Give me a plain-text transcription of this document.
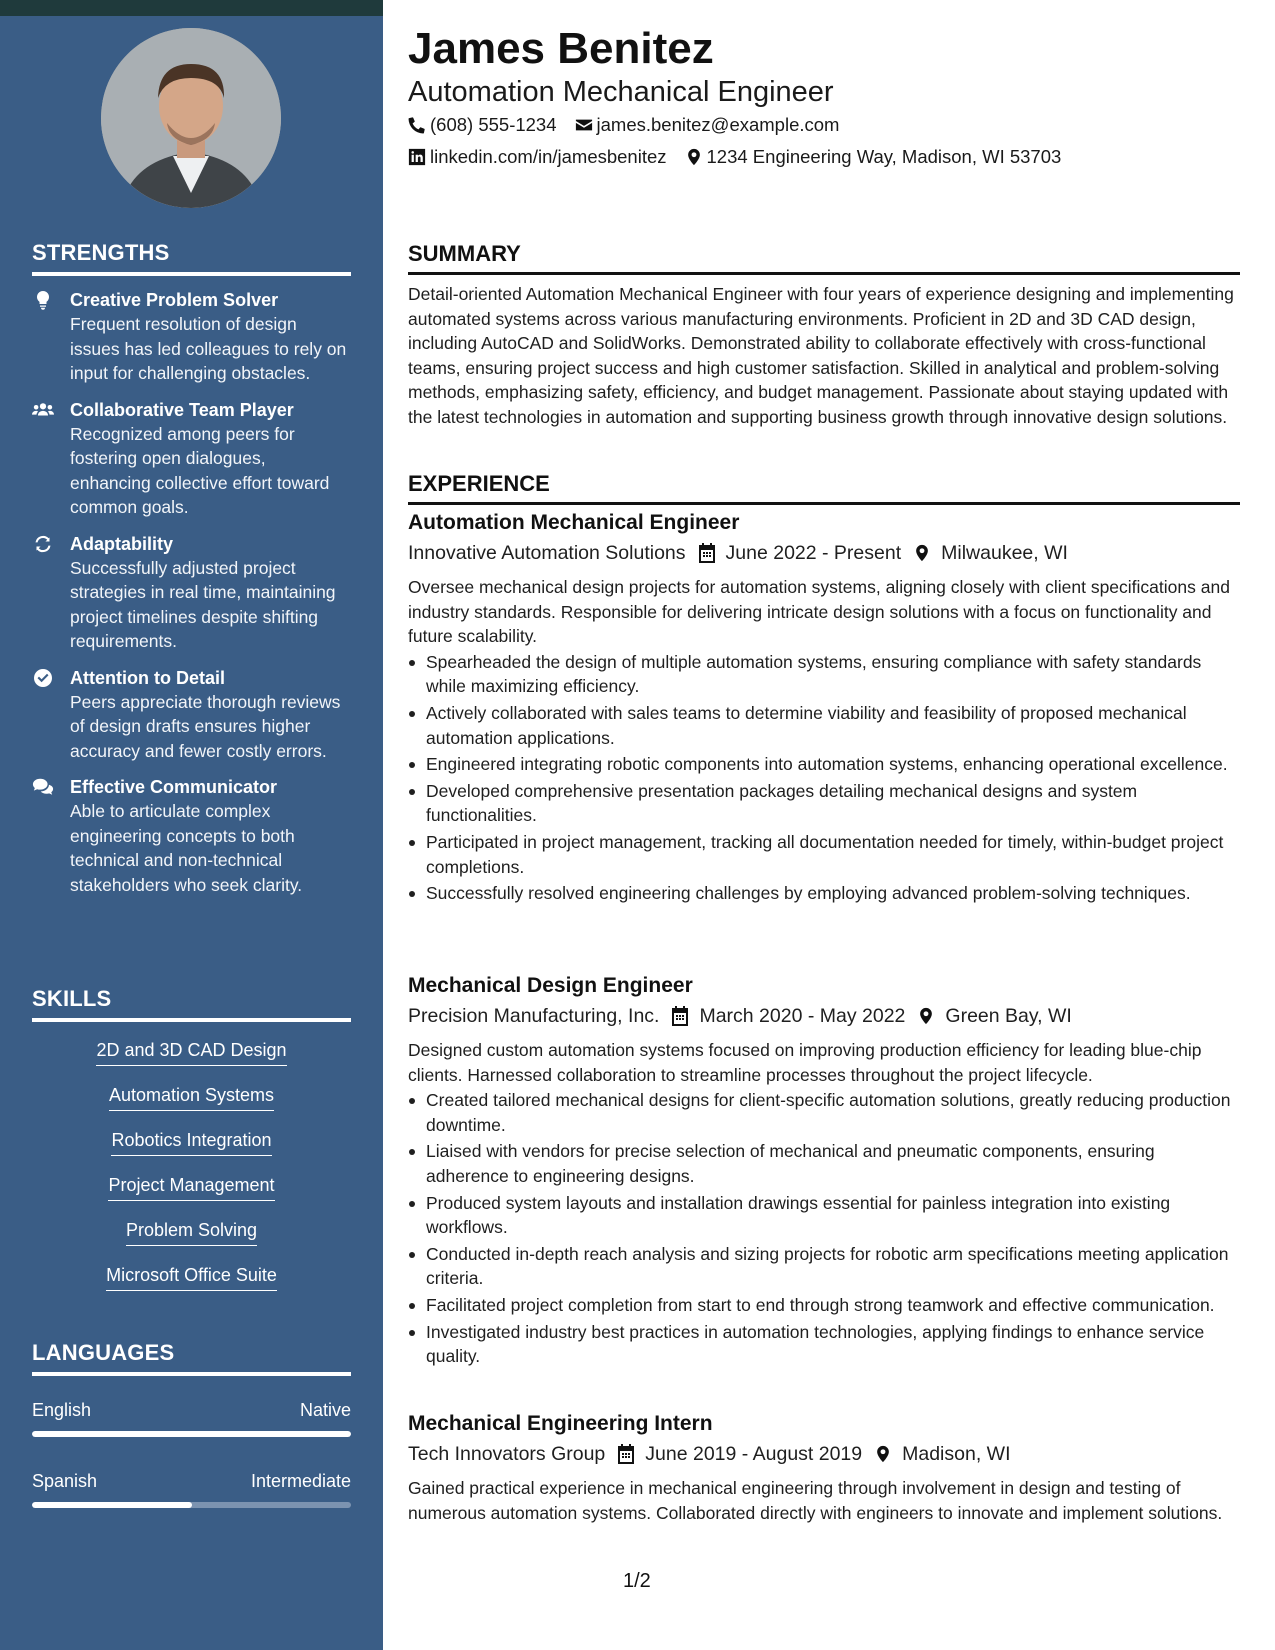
STRENGTHS
Creative Problem Solver
Frequent resolution of design issues has led colleagues to rely on input for challenging obstacles.
Collaborative Team Player
Recognized among peers for fostering open dialogues, enhancing collective effort toward common goals.
Adaptability
Successfully adjusted project strategies in real time, maintaining project timelines despite shifting requirements.
Attention to Detail
Peers appreciate thorough reviews of design drafts ensures higher accuracy and fewer costly errors.
Effective Communicator
Able to articulate complex engineering concepts to both technical and non-technical stakeholders who seek clarity.
SKILLS
2D and 3D CAD Design
Automation Systems
Robotics Integration
Project Management
Problem Solving
Microsoft Office Suite
LANGUAGES
English	Native
Spanish	Intermediate
James Benitez
Automation Mechanical Engineer
(608) 555-1234 james.benitez@example.com
linkedin.com/in/jamesbenitez 1234 Engineering Way, Madison, WI 53703
SUMMARY
Detail-oriented Automation Mechanical Engineer with four years of experience designing and implementing automated systems across various manufacturing environments. Proficient in 2D and 3D CAD design, including AutoCAD and SolidWorks. Demonstrated ability to collaborate effectively with cross-functional teams, ensuring project success and high customer satisfaction. Skilled in analytical and problem-solving methods, emphasizing safety, efficiency, and budget management. Passionate about staying updated with the latest technologies in automation and supporting business growth through innovative design solutions.
EXPERIENCE
Automation Mechanical Engineer
Innovative Automation Solutions June 2022 - Present Milwaukee, WI
Oversee mechanical design projects for automation systems, aligning closely with client specifications and industry standards. Responsible for delivering intricate design solutions with a focus on functionality and future scalability.
Spearheaded the design of multiple automation systems, ensuring compliance with safety standards while maximizing efficiency.
Actively collaborated with sales teams to determine viability and feasibility of proposed mechanical automation applications.
Engineered integrating robotic components into automation systems, enhancing operational excellence.
Developed comprehensive presentation packages detailing mechanical designs and system functionalities.
Participated in project management, tracking all documentation needed for timely, within-budget project completions.
Successfully resolved engineering challenges by employing advanced problem-solving techniques.
Mechanical Design Engineer
Precision Manufacturing, Inc. March 2020 - May 2022 Green Bay, WI
Designed custom automation systems focused on improving production efficiency for leading blue-chip clients. Harnessed collaboration to streamline processes throughout the project lifecycle.
Created tailored mechanical designs for client-specific automation solutions, greatly reducing production downtime.
Liaised with vendors for precise selection of mechanical and pneumatic components, ensuring adherence to engineering designs.
Produced system layouts and installation drawings essential for painless integration into existing workflows.
Conducted in-depth reach analysis and sizing projects for robotic arm specifications meeting application criteria.
Facilitated project completion from start to end through strong teamwork and effective communication.
Investigated industry best practices in automation technologies, applying findings to enhance service quality.
Mechanical Engineering Intern
Tech Innovators Group June 2019 - August 2019 Madison, WI
Gained practical experience in mechanical engineering through involvement in design and testing of numerous automation systems. Collaborated directly with engineers to innovate and implement solutions.
1/2
